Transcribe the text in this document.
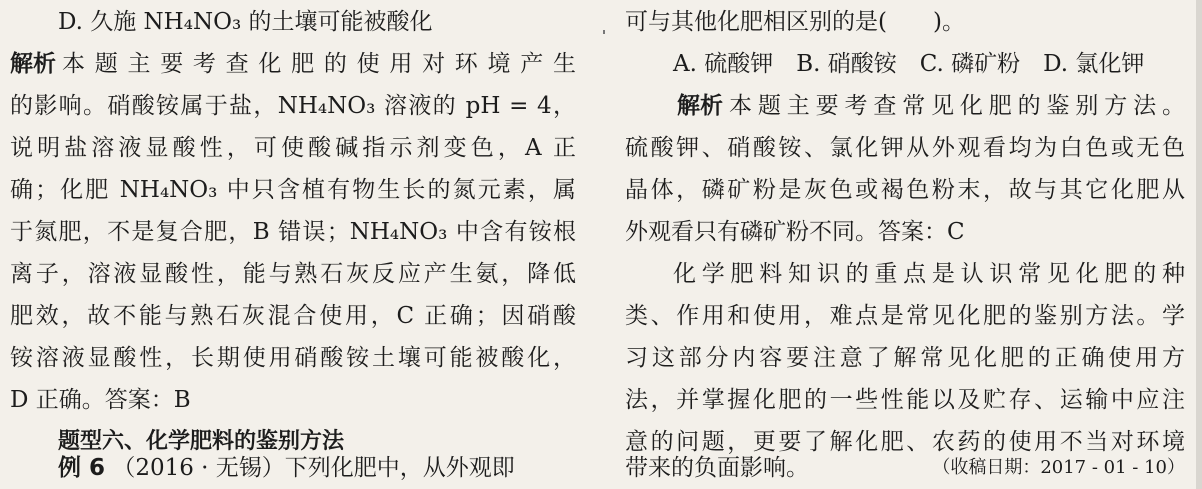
D. 久施 NH₄NO₃ 的土壤可能被酸化
解析 本题主要考查化肥的使用对环境产生
的影响。硝酸铵属于盐，NH₄NO₃ 溶液的 pH = 4，
说明盐溶液显酸性，可使酸碱指示剂变色，A 正
确；化肥 NH₄NO₃ 中只含植有物生长的氮元素，属
于氮肥，不是复合肥，B 错误；NH₄NO₃ 中含有铵根
离子，溶液显酸性，能与熟石灰反应产生氨，降低
肥效，故不能与熟石灰混合使用，C 正确；因硝酸
铵溶液显酸性，长期使用硝酸铵土壤可能被酸化，
D 正确。答案：B
题型六、化学肥料的鉴别方法
例 6 （2016 · 无锡）下列化肥中，从外观即
可与其他化肥相区别的是(　　)。
A. 硫酸钾　B. 硝酸铵　C. 磷矿粉　D. 氯化钾
解析 本题主要考查常见化肥的鉴别方法。
硫酸钾、硝酸铵、氯化钾从外观看均为白色或无色
晶体，磷矿粉是灰色或褐色粉末，故与其它化肥从
外观看只有磷矿粉不同。答案：C
化学肥料知识的重点是认识常见化肥的种
类、作用和使用，难点是常见化肥的鉴别方法。学
习这部分内容要注意了解常见化肥的正确使用方
法，并掌握化肥的一些性能以及贮存、运输中应注
意的问题，更要了解化肥、农药的使用不当对环境
带来的负面影响。	（收稿日期：2017 - 01 - 10）
